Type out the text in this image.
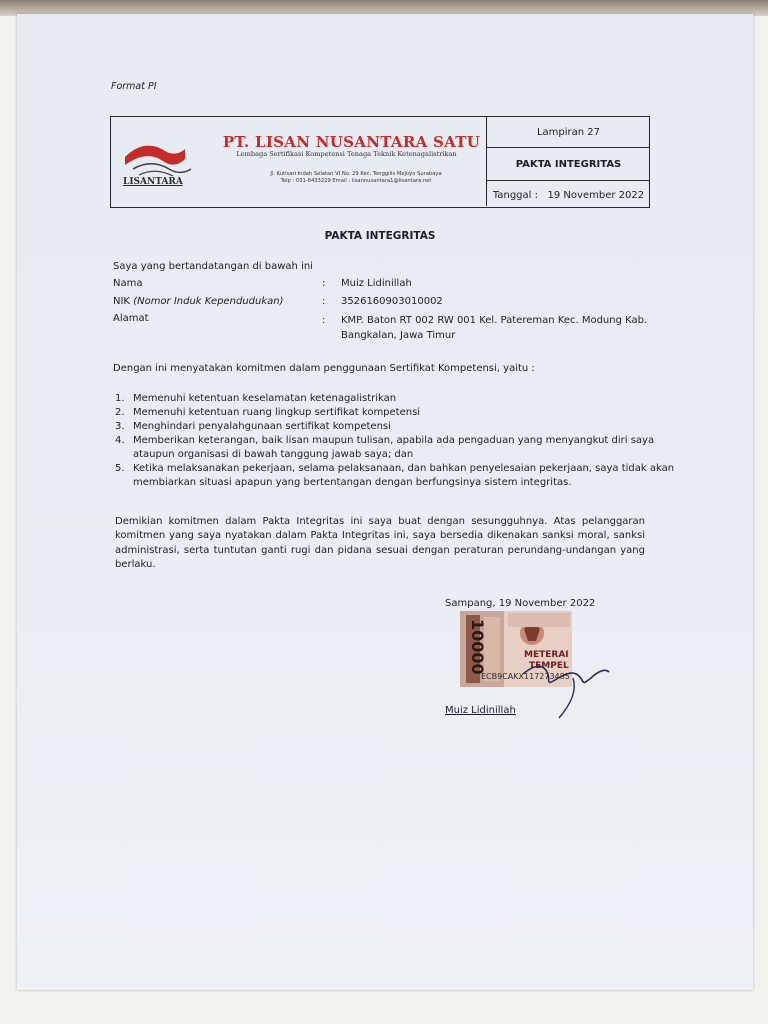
Format PI
LISANTARA
PT. LISAN NUSANTARA SATU
Lembaga Sertifikasi Kompetensi Tenaga Teknik Ketenagalistrikan
Jl. Kutisari Indah Selatan VI No. 29 Kec. Tenggilis Mejoyo Surabaya
Telp : 031-8433229 Email : lisannusantara1@lisantara.net
Lampiran 27
PAKTA INTEGRITAS
Tanggal : 19 November 2022
PAKTA INTEGRITAS
Saya yang bertandatangan di bawah ini
Nama	: Muiz Lidinillah
NIK (Nomor Induk Kependudukan)	: 3526160903010002
Alamat	: KMP. Baton RT 002 RW 001 Kel. Patereman Kec. Modung Kab.
Bangkalan, Jawa Timur
Dengan ini menyatakan komitmen dalam penggunaan Sertifikat Kompetensi, yaitu :
1. Memenuhi ketentuan keselamatan ketenagalistrikan
2. Memenuhi ketentuan ruang lingkup sertifikat kompetensi
3. Menghindari penyalahgunaan sertifikat kompetensi
4. Memberikan keterangan, baik lisan maupun tulisan, apabila ada pengaduan yang menyangkut diri saya
ataupun organisasi di bawah tanggung jawab saya; dan
5. Ketika melaksanakan pekerjaan, selama pelaksanaan, dan bahkan penyelesaian pekerjaan, saya tidak akan
membiarkan situasi apapun yang bertentangan dengan berfungsinya sistem integritas.
Demikian komitmen dalam Pakta Integritas ini saya buat dengan sesungguhnya. Atas pelanggaran komitmen yang saya nyatakan dalam Pakta Integritas ini, saya bersedia dikenakan sanksi moral, sanksi administrasi, serta tuntutan ganti rugi dan pidana sesuai dengan peraturan perundang-undangan yang berlaku.
Sampang, 19 November 2022
10000	METERAI
TEMPEL
ECB9CAKX117273485
Muiz Lidinillah
